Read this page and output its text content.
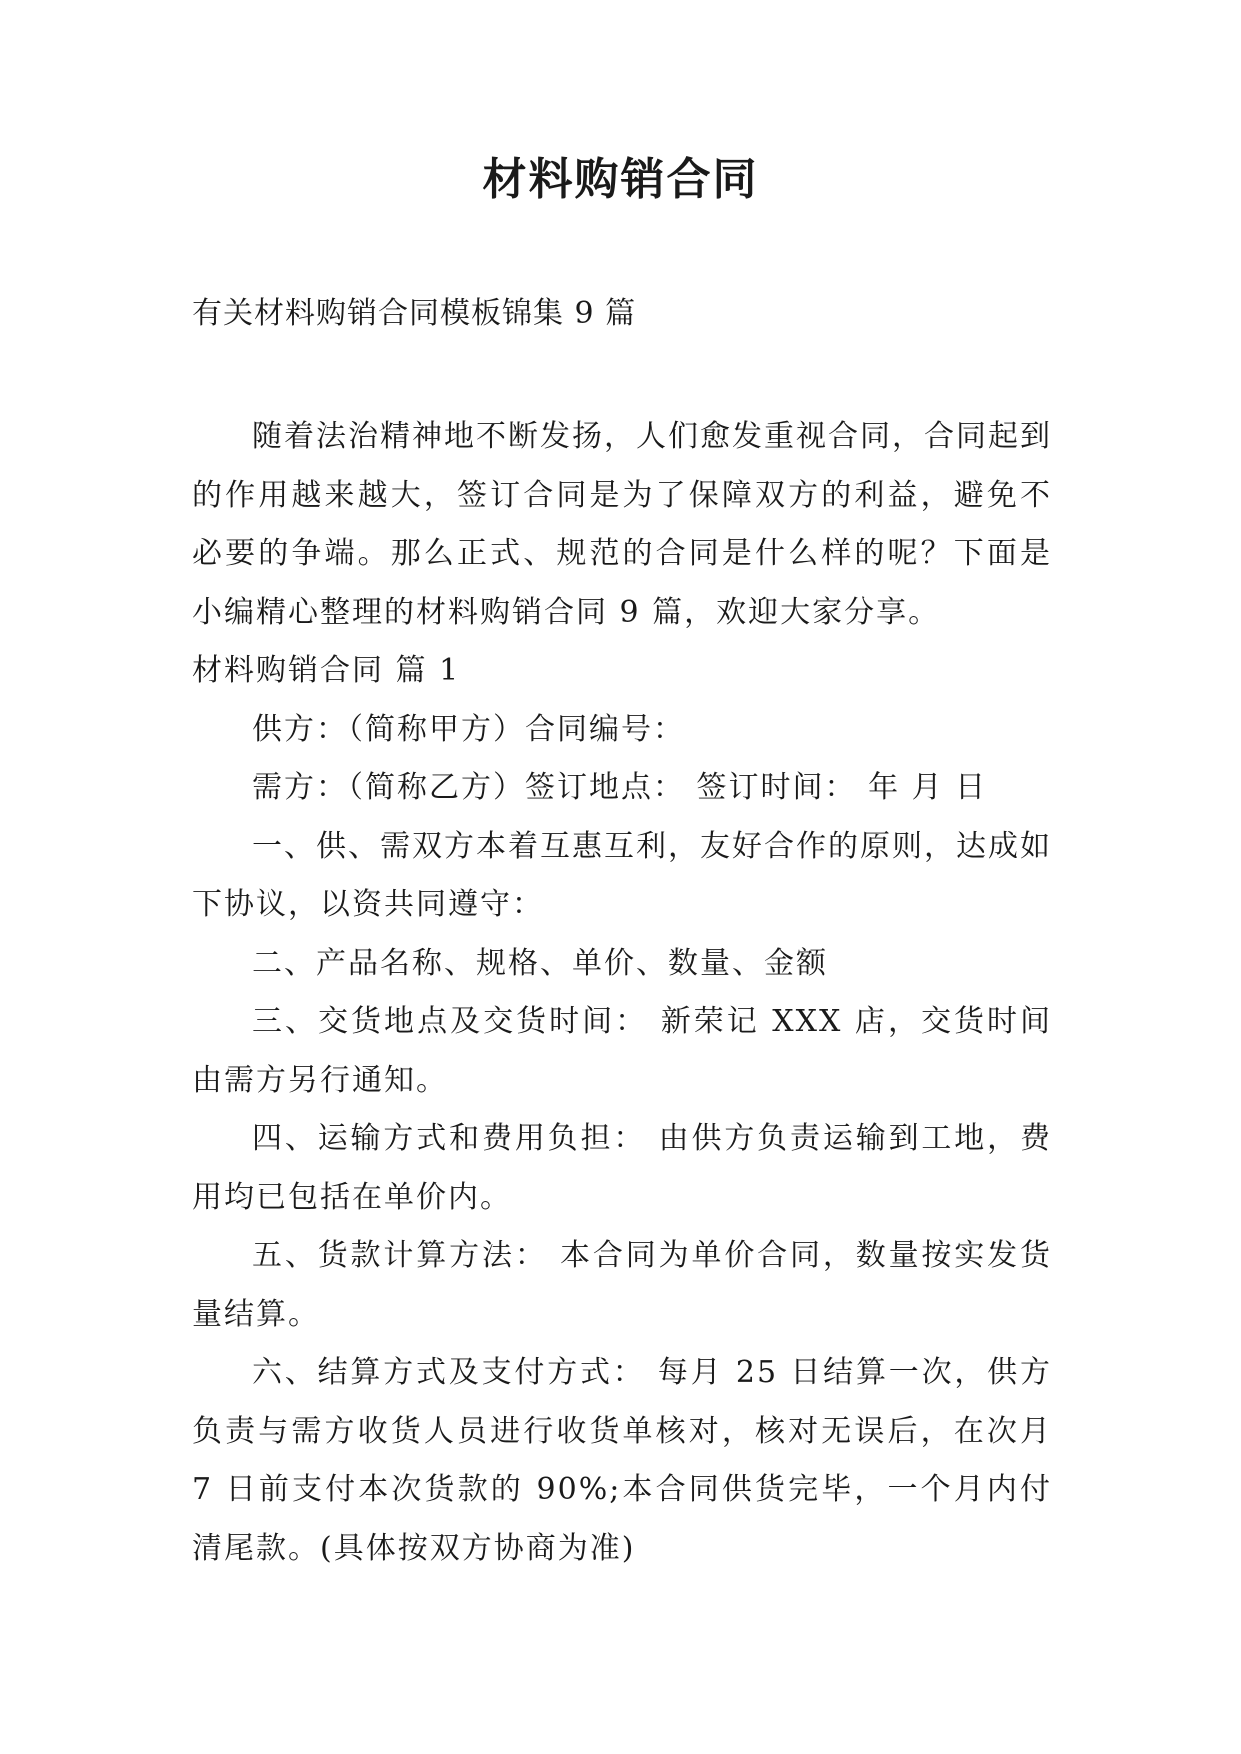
材料购销合同
有关材料购销合同模板锦集 9 篇

随着法治精神地不断发扬，人们愈发重视合同，合同起到的作用越来越大，签订合同是为了保障双方的利益，避免不必要的争端。那么正式、规范的合同是什么样的呢？下面是小编精心整理的材料购销合同 9 篇，欢迎大家分享。

材料购销合同 篇 1

供方：（简称甲方）合同编号：

需方：（简称乙方）签订地点： 签订时间： 年 月 日

一、供、需双方本着互惠互利，友好合作的原则，达成如下协议，以资共同遵守：

二、产品名称、规格、单价、数量、金额

三、交货地点及交货时间： 新荣记 XXX 店，交货时间由需方另行通知。

四、运输方式和费用负担： 由供方负责运输到工地，费用均已包括在单价内。

五、货款计算方法： 本合同为单价合同，数量按实发货量结算。

六、结算方式及支付方式： 每月 25 日结算一次，供方负责与需方收货人员进行收货单核对，核对无误后，在次月 7 日前支付本次货款的 90%;本合同供货完毕，一个月内付清尾款。(具体按双方协商为准)
